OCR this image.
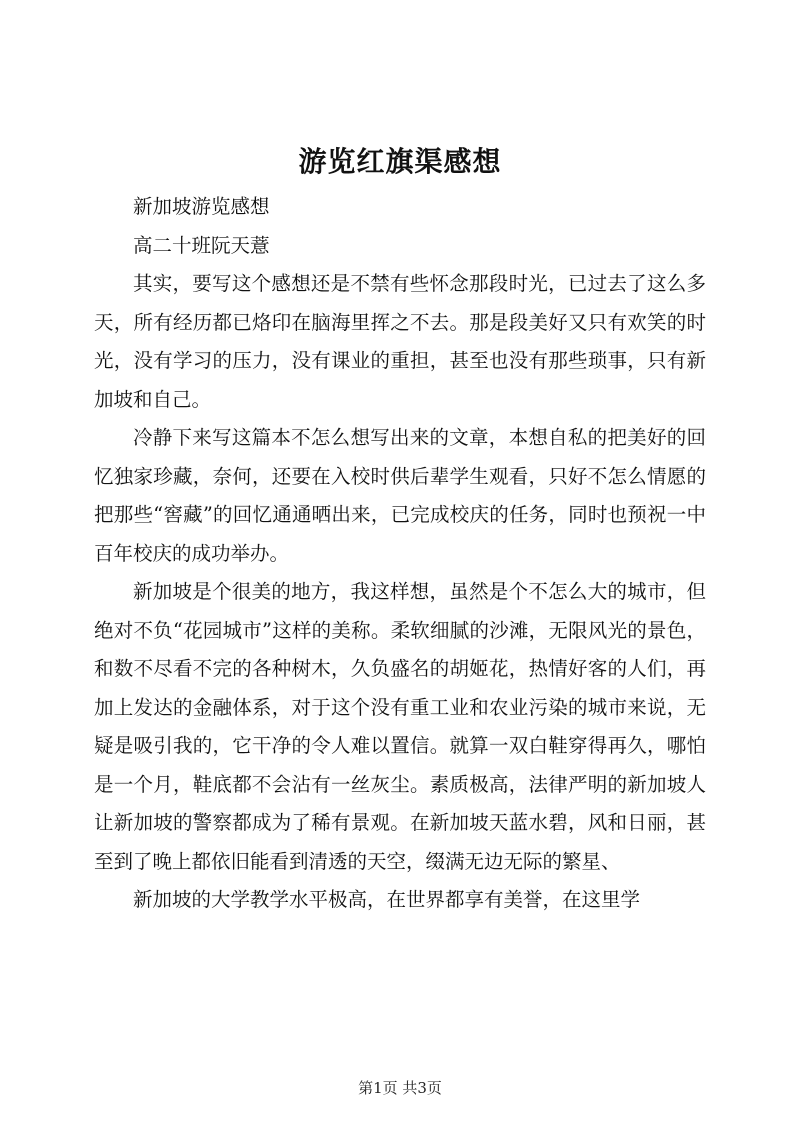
游览红旗渠感想

新加坡游览感想

高二十班阮天薏

其实，要写这个感想还是不禁有些怀念那段时光，已过去了这么多天，所有经历都已烙印在脑海里挥之不去。那是段美好又只有欢笑的时光，没有学习的压力，没有课业的重担，甚至也没有那些琐事，只有新加坡和自己。

冷静下来写这篇本不怎么想写出来的文章，本想自私的把美好的回忆独家珍藏，奈何，还要在入校时供后辈学生观看，只好不怎么情愿的把那些“窖藏”的回忆通通晒出来，已完成校庆的任务，同时也预祝一中百年校庆的成功举办。

新加坡是个很美的地方，我这样想，虽然是个不怎么大的城市，但绝对不负“花园城市”这样的美称。柔软细腻的沙滩，无限风光的景色，和数不尽看不完的各种树木，久负盛名的胡姬花，热情好客的人们，再加上发达的金融体系，对于这个没有重工业和农业污染的城市来说，无疑是吸引我的，它干净的令人难以置信。就算一双白鞋穿得再久，哪怕是一个月，鞋底都不会沾有一丝灰尘。素质极高，法律严明的新加坡人让新加坡的警察都成为了稀有景观。在新加坡天蓝水碧，风和日丽，甚至到了晚上都依旧能看到清透的天空，缀满无边无际的繁星、

新加坡的大学教学水平极高，在世界都享有美誉，在这里学

第1页 共3页
